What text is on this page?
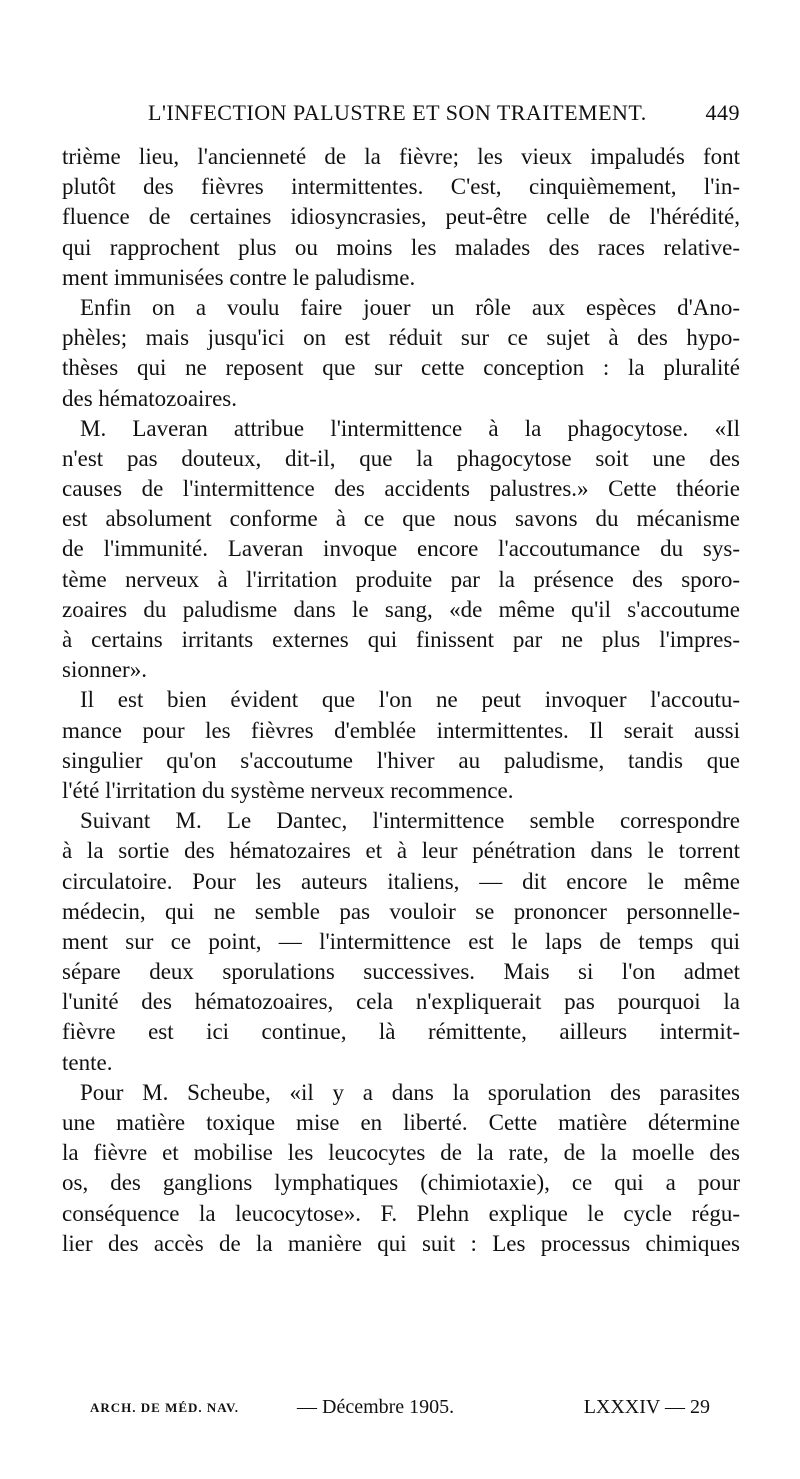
L'INFECTION PALUSTRE ET SON TRAITEMENT.	449
trième lieu, l'ancienneté de la fièvre; les vieux impaludés font
plutôt des fièvres intermittentes. C'est, cinquièmement, l'in-
fluence de certaines idiosyncrasies, peut-être celle de l'hérédité,
qui rapprochent plus ou moins les malades des races relative-
ment immunisées contre le paludisme.
Enfin on a voulu faire jouer un rôle aux espèces d'Ano-
phèles; mais jusqu'ici on est réduit sur ce sujet à des hypo-
thèses qui ne reposent que sur cette conception : la pluralité
des hématozoaires.
M. Laveran attribue l'intermittence à la phagocytose. «Il
n'est pas douteux, dit-il, que la phagocytose soit une des
causes de l'intermittence des accidents palustres.» Cette théorie
est absolument conforme à ce que nous savons du mécanisme
de l'immunité. Laveran invoque encore l'accoutumance du sys-
tème nerveux à l'irritation produite par la présence des sporo-
zoaires du paludisme dans le sang, «de même qu'il s'accoutume
à certains irritants externes qui finissent par ne plus l'impres-
sionner».
Il est bien évident que l'on ne peut invoquer l'accoutu-
mance pour les fièvres d'emblée intermittentes. Il serait aussi
singulier qu'on s'accoutume l'hiver au paludisme, tandis que
l'été l'irritation du système nerveux recommence.
Suivant M. Le Dantec, l'intermittence semble correspondre
à la sortie des hématozaires et à leur pénétration dans le torrent
circulatoire. Pour les auteurs italiens, — dit encore le même
médecin, qui ne semble pas vouloir se prononcer personnelle-
ment sur ce point, — l'intermittence est le laps de temps qui
sépare deux sporulations successives. Mais si l'on admet
l'unité des hématozoaires, cela n'expliquerait pas pourquoi la
fièvre est ici continue, là rémittente, ailleurs intermit-
tente.
Pour M. Scheube, «il y a dans la sporulation des parasites
une matière toxique mise en liberté. Cette matière détermine
la fièvre et mobilise les leucocytes de la rate, de la moelle des
os, des ganglions lymphatiques (chimiotaxie), ce qui a pour
conséquence la leucocytose». F. Plehn explique le cycle régu-
lier des accès de la manière qui suit : Les processus chimiques
ARCH. DE MÉD. NAV.	— Décembre 1905.	LXXXIV — 29
